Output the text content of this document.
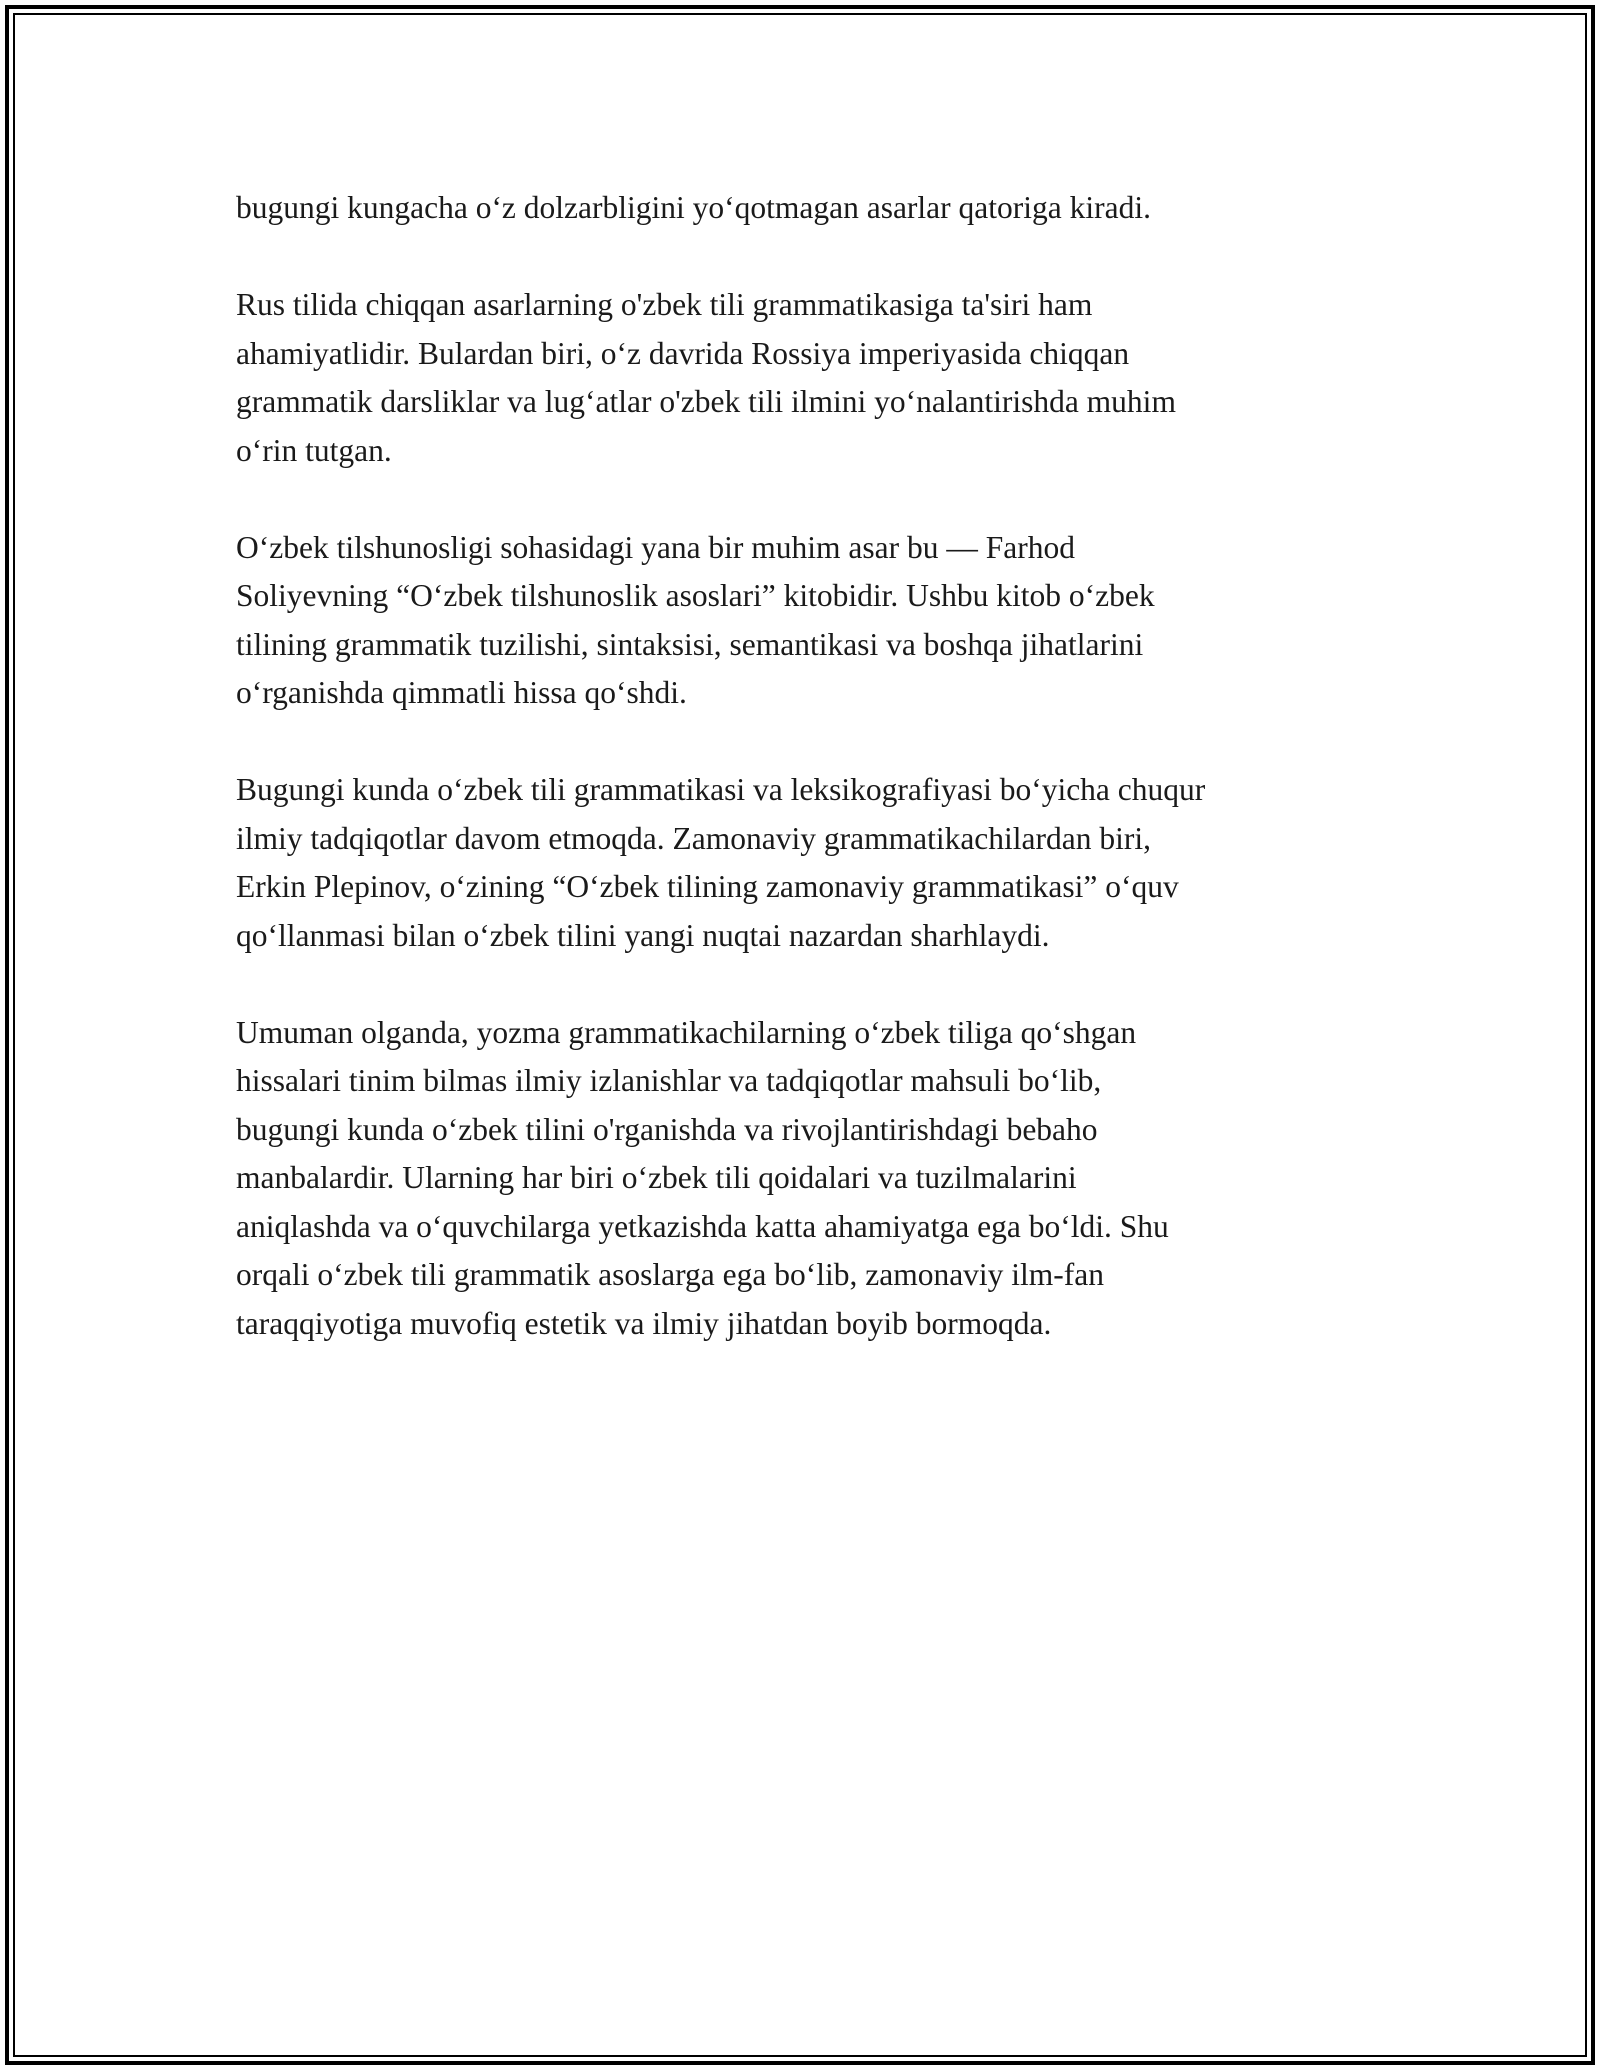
bugungi kungacha o‘z dolzarbligini yo‘qotmagan asarlar qatoriga kiradi.
Rus tilida chiqqan asarlarning o'zbek tili grammatikasiga ta'siri ham
ahamiyatlidir. Bulardan biri, o‘z davrida Rossiya imperiyasida chiqqan
grammatik darsliklar va lug‘atlar o'zbek tili ilmini yo‘nalantirishda muhim
o‘rin tutgan.
O‘zbek tilshunosligi sohasidagi yana bir muhim asar bu — Farhod
Soliyevning “O‘zbek tilshunoslik asoslari” kitobidir. Ushbu kitob o‘zbek
tilining grammatik tuzilishi, sintaksisi, semantikasi va boshqa jihatlarini
o‘rganishda qimmatli hissa qo‘shdi.
Bugungi kunda o‘zbek tili grammatikasi va leksikografiyasi bo‘yicha chuqur
ilmiy tadqiqotlar davom etmoqda. Zamonaviy grammatikachilardan biri,
Erkin Plepinov, o‘zining “O‘zbek tilining zamonaviy grammatikasi” o‘quv
qo‘llanmasi bilan o‘zbek tilini yangi nuqtai nazardan sharhlaydi.
Umuman olganda, yozma grammatikachilarning o‘zbek tiliga qo‘shgan
hissalari tinim bilmas ilmiy izlanishlar va tadqiqotlar mahsuli bo‘lib,
bugungi kunda o‘zbek tilini o'rganishda va rivojlantirishdagi bebaho
manbalardir. Ularning har biri o‘zbek tili qoidalari va tuzilmalarini
aniqlashda va o‘quvchilarga yetkazishda katta ahamiyatga ega bo‘ldi. Shu
orqali o‘zbek tili grammatik asoslarga ega bo‘lib, zamonaviy ilm-fan
taraqqiyotiga muvofiq estetik va ilmiy jihatdan boyib bormoqda.
